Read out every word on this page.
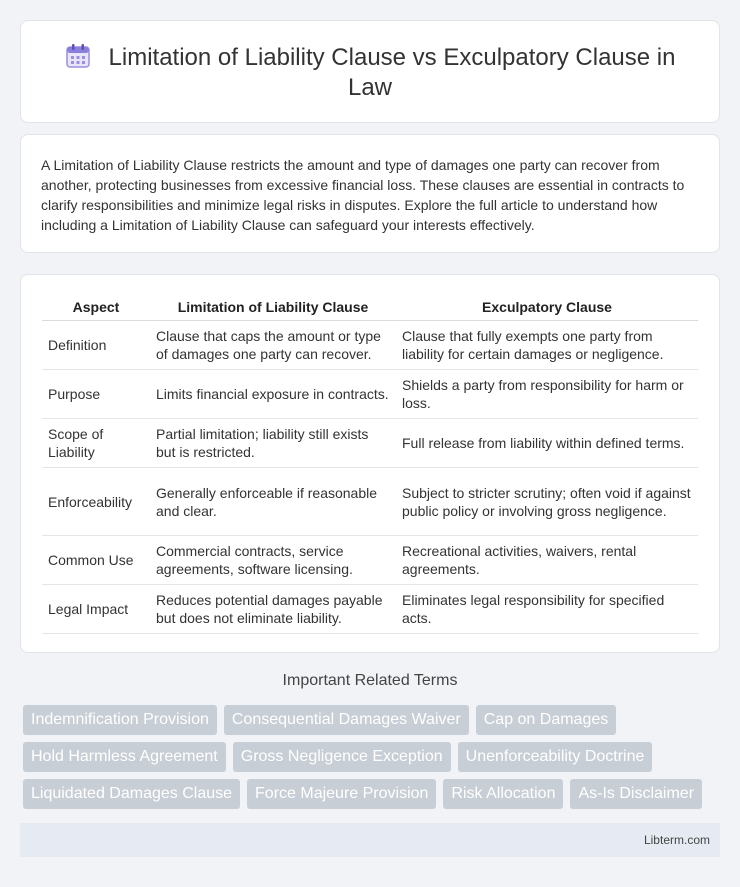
Limitation of Liability Clause vs Exculpatory Clause in Law

A Limitation of Liability Clause restricts the amount and type of damages one party can recover from another, protecting businesses from excessive financial loss. These clauses are essential in contracts to clarify responsibilities and minimize legal risks in disputes. Explore the full article to understand how including a Limitation of Liability Clause can safeguard your interests effectively.

Aspect	Limitation of Liability Clause	Exculpatory Clause
Definition	Clause that caps the amount or type of damages one party can recover.	Clause that fully exempts one party from liability for certain damages or negligence.
Purpose	Limits financial exposure in contracts.	Shields a party from responsibility for harm or loss.
Scope of Liability	Partial limitation; liability still exists but is restricted.	Full release from liability within defined terms.
Enforceability	Generally enforceable if reasonable and clear.	Subject to stricter scrutiny; often void if against public policy or involving gross negligence.
Common Use	Commercial contracts, service agreements, software licensing.	Recreational activities, waivers, rental agreements.
Legal Impact	Reduces potential damages payable but does not eliminate liability.	Eliminates legal responsibility for specified acts.
Important Related Terms
Indemnification Provision Consequential Damages Waiver Cap on Damages
Hold Harmless Agreement Gross Negligence Exception Unenforceability Doctrine
Liquidated Damages Clause Force Majeure Provision Risk Allocation As-Is Disclaimer
Libterm.com
